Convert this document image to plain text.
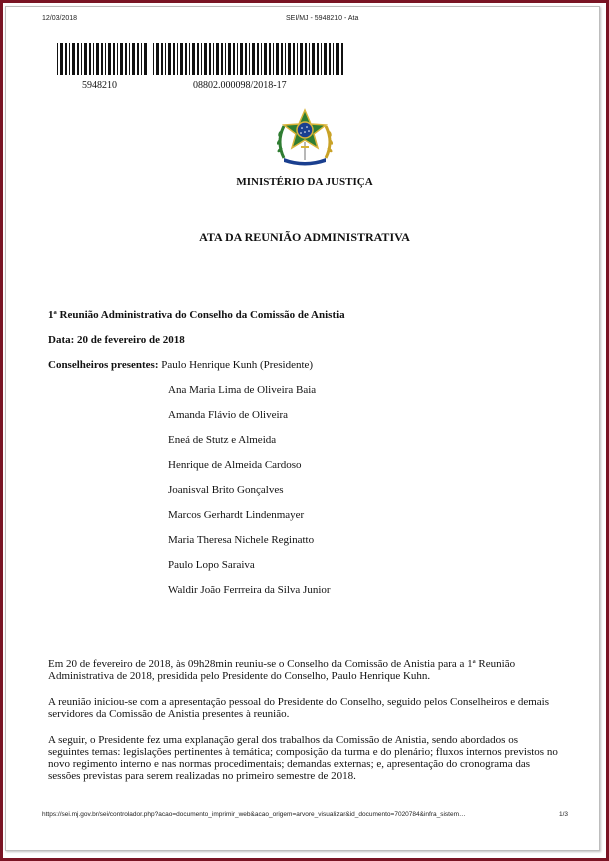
12/03/2018	SEI/MJ - 5948210 - Ata
5948210	08802.000098/2018-17
MINISTÉRIO DA JUSTIÇA
ATA DA REUNIÃO ADMINISTRATIVA
1ª Reunião Administrativa do Conselho da Comissão de Anistia
Data: 20 de fevereiro de 2018
Conselheiros presentes: Paulo Henrique Kunh (Presidente)
Ana Maria Lima de Oliveira Baia
Amanda Flávio de Oliveira
Eneá de Stutz e Almeida
Henrique de Almeida Cardoso
Joanisval Brito Gonçalves
Marcos Gerhardt Lindenmayer
Maria Theresa Nichele Reginatto
Paulo Lopo Saraiva
Waldir João Ferrreira da Silva Junior
Em 20 de fevereiro de 2018, às 09h28min reuniu-se o Conselho da Comissão de Anistia para a 1ª Reunião Administrativa de 2018, presidida pelo Presidente do Conselho, Paulo Henrique Kuhn.
A reunião iniciou-se com a apresentação pessoal do Presidente do Conselho, seguido pelos Conselheiros e demais servidores da Comissão de Anistia presentes à reunião.
A seguir, o Presidente fez uma explanação geral dos trabalhos da Comissão de Anistia, sendo abordados os seguintes temas: legislações pertinentes à temática; composição da turma e do plenário; fluxos internos previstos no novo regimento interno e nas normas procedimentais; demandas externas; e, apresentação do cronograma das sessões previstas para serem realizadas no primeiro semestre de 2018.
https://sei.mj.gov.br/sei/controlador.php?acao=documento_imprimir_web&acao_origem=arvore_visualizar&id_documento=7020784&infra_sistem…	1/3
